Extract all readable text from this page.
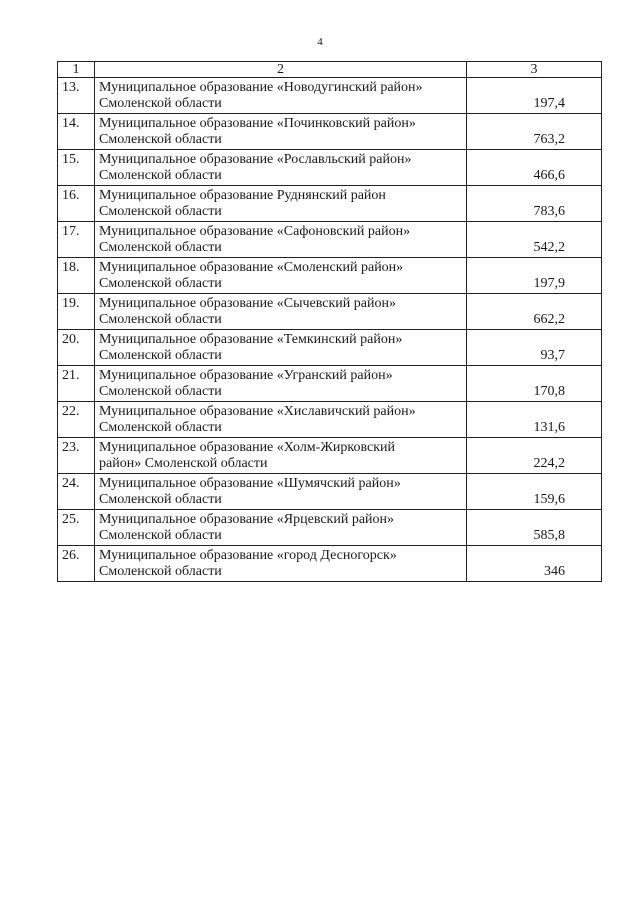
4
1	2	3
13.	Муниципальное образование «Новодугинский район»
Смоленской области	197,4
14.	Муниципальное образование «Починковский район»
Смоленской области	763,2
15.	Муниципальное образование «Рославльский район»
Смоленской области	466,6
16.	Муниципальное образование Руднянский район
Смоленской области	783,6
17.	Муниципальное образование «Сафоновский район»
Смоленской области	542,2
18.	Муниципальное образование «Смоленский район»
Смоленской области	197,9
19.	Муниципальное образование «Сычевский район»
Смоленской области	662,2
20.	Муниципальное образование «Темкинский район»
Смоленской области	93,7
21.	Муниципальное образование «Угранский район»
Смоленской области	170,8
22.	Муниципальное образование «Хиславичский район»
Смоленской области	131,6
23.	Муниципальное образование «Холм-Жирковский
район» Смоленской области	224,2
24.	Муниципальное образование «Шумячский район»
Смоленской области	159,6
25.	Муниципальное образование «Ярцевский район»
Смоленской области	585,8
26.	Муниципальное образование «город Десногорск»
Смоленской области	346
